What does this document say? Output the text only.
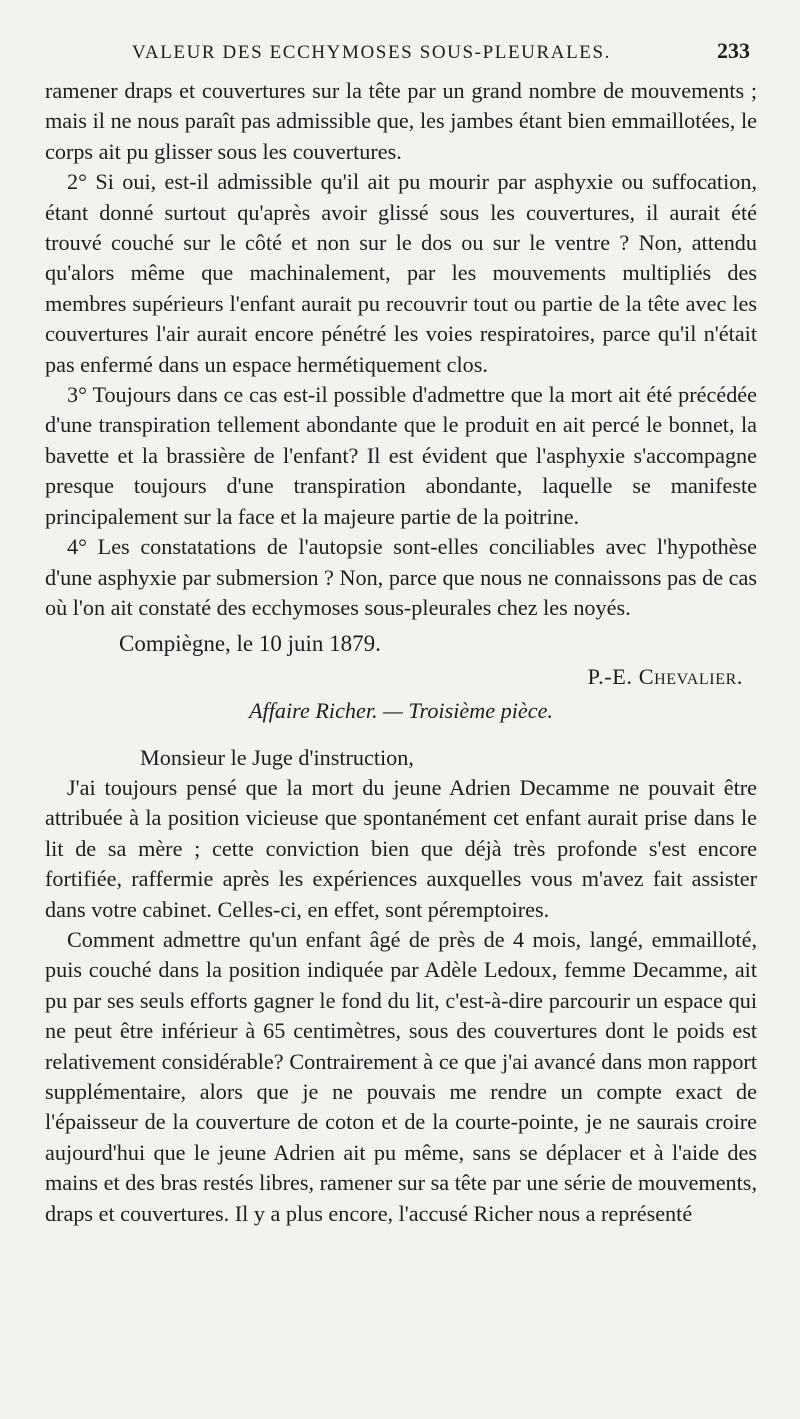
VALEUR DES ECCHYMOSES SOUS-PLEURALES.	233

ramener draps et couvertures sur la tête par un grand nombre de mouvements ; mais il ne nous paraît pas admissible que, les jambes étant bien emmaillotées, le corps ait pu glisser sous les couvertures.

2° Si oui, est-il admissible qu'il ait pu mourir par asphyxie ou suffocation, étant donné surtout qu'après avoir glissé sous les couvertures, il aurait été trouvé couché sur le côté et non sur le dos ou sur le ventre ? Non, attendu qu'alors même que machinalement, par les mouvements multipliés des membres supérieurs l'enfant aurait pu recouvrir tout ou partie de la tête avec les couvertures l'air aurait encore pénétré les voies respiratoires, parce qu'il n'était pas enfermé dans un espace hermétiquement clos.

3° Toujours dans ce cas est-il possible d'admettre que la mort ait été précédée d'une transpiration tellement abondante que le produit en ait percé le bonnet, la bavette et la brassière de l'enfant? Il est évident que l'asphyxie s'accompagne presque toujours d'une transpiration abondante, laquelle se manifeste principalement sur la face et la majeure partie de la poitrine.

4° Les constatations de l'autopsie sont-elles conciliables avec l'hypothèse d'une asphyxie par submersion ? Non, parce que nous ne connaissons pas de cas où l'on ait constaté des ecchymoses sous-pleurales chez les noyés.

Compiègne, le 10 juin 1879.

P.-E. Chevalier.

Affaire Richer. — Troisième pièce.

Monsieur le Juge d'instruction,

J'ai toujours pensé que la mort du jeune Adrien Decamme ne pouvait être attribuée à la position vicieuse que spontanément cet enfant aurait prise dans le lit de sa mère ; cette conviction bien que déjà très profonde s'est encore fortifiée, raffermie après les expériences auxquelles vous m'avez fait assister dans votre cabinet. Celles-ci, en effet, sont péremptoires.

Comment admettre qu'un enfant âgé de près de 4 mois, langé, emmailloté, puis couché dans la position indiquée par Adèle Ledoux, femme Decamme, ait pu par ses seuls efforts gagner le fond du lit, c'est-à-dire parcourir un espace qui ne peut être inférieur à 65 centimètres, sous des couvertures dont le poids est relativement considérable? Contrairement à ce que j'ai avancé dans mon rapport supplémentaire, alors que je ne pouvais me rendre un compte exact de l'épaisseur de la couverture de coton et de la courte-pointe, je ne saurais croire aujourd'hui que le jeune Adrien ait pu même, sans se déplacer et à l'aide des mains et des bras restés libres, ramener sur sa tête par une série de mouvements, draps et couvertures. Il y a plus encore, l'accusé Richer nous a représenté
